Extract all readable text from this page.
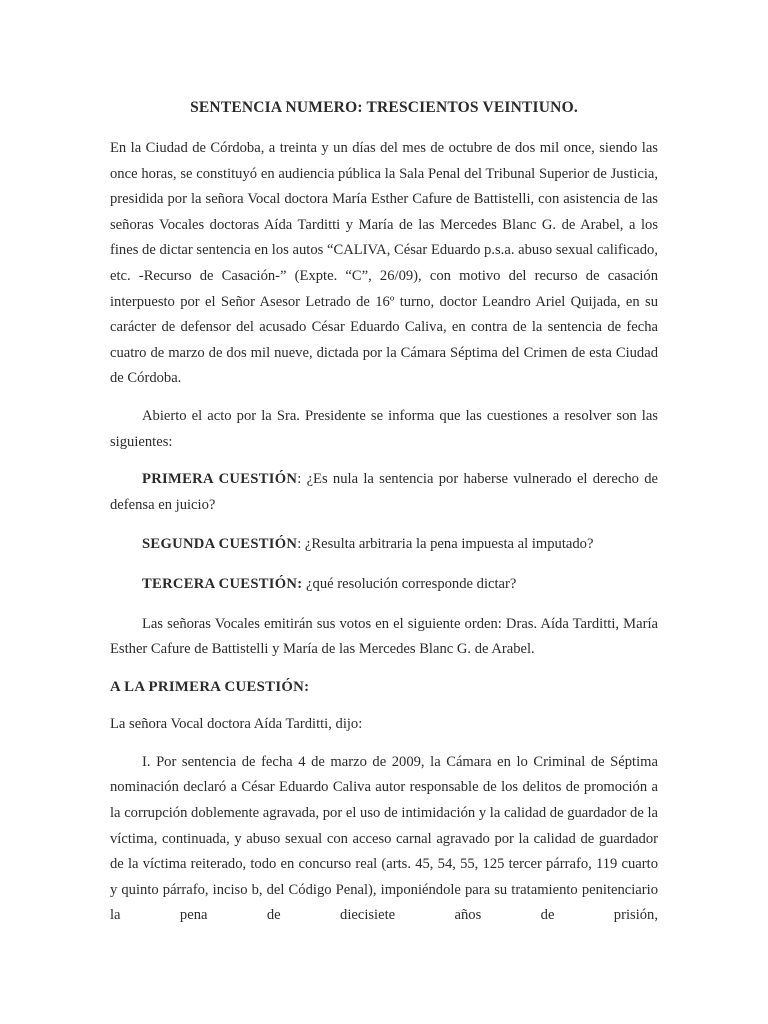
SENTENCIA NUMERO: TRESCIENTOS VEINTIUNO.

En la Ciudad de Córdoba, a treinta y un días del mes de octubre de dos mil once, siendo las once horas, se constituyó en audiencia pública la Sala Penal del Tribunal Superior de Justicia, presidida por la señora Vocal doctora María Esther Cafure de Battistelli, con asistencia de las señoras Vocales doctoras Aída Tarditti y María de las Mercedes Blanc G. de Arabel, a los fines de dictar sentencia en los autos “CALIVA, César Eduardo p.s.a. abuso sexual calificado, etc. -Recurso de Casación-” (Expte. “C”, 26/09), con motivo del recurso de casación interpuesto por el Señor Asesor Letrado de 16º turno, doctor Leandro Ariel Quijada, en su carácter de defensor del acusado César Eduardo Caliva, en contra de la sentencia de fecha cuatro de marzo de dos mil nueve, dictada por la Cámara Séptima del Crimen de esta Ciudad de Córdoba.

Abierto el acto por la Sra. Presidente se informa que las cuestiones a resolver son las siguientes:

PRIMERA CUESTIÓN: ¿Es nula la sentencia por haberse vulnerado el derecho de defensa en juicio?

SEGUNDA CUESTIÓN: ¿Resulta arbitraria la pena impuesta al imputado?

TERCERA CUESTIÓN: ¿qué resolución corresponde dictar?

Las señoras Vocales emitirán sus votos en el siguiente orden: Dras. Aída Tarditti, María Esther Cafure de Battistelli y María de las Mercedes Blanc G. de Arabel.

A LA PRIMERA CUESTIÓN:

La señora Vocal doctora Aída Tarditti, dijo:

I. Por sentencia de fecha 4 de marzo de 2009, la Cámara en lo Criminal de Séptima nominación declaró a César Eduardo Caliva autor responsable de los delitos de promoción a la corrupción doblemente agravada, por el uso de intimidación y la calidad de guardador de la víctima, continuada, y abuso sexual con acceso carnal agravado por la calidad de guardador de la víctima reiterado, todo en concurso real (arts. 45, 54, 55, 125 tercer párrafo, 119 cuarto y quinto párrafo, inciso b, del Código Penal), imponiéndole para su tratamiento penitenciario la pena de diecisiete años de prisión,
